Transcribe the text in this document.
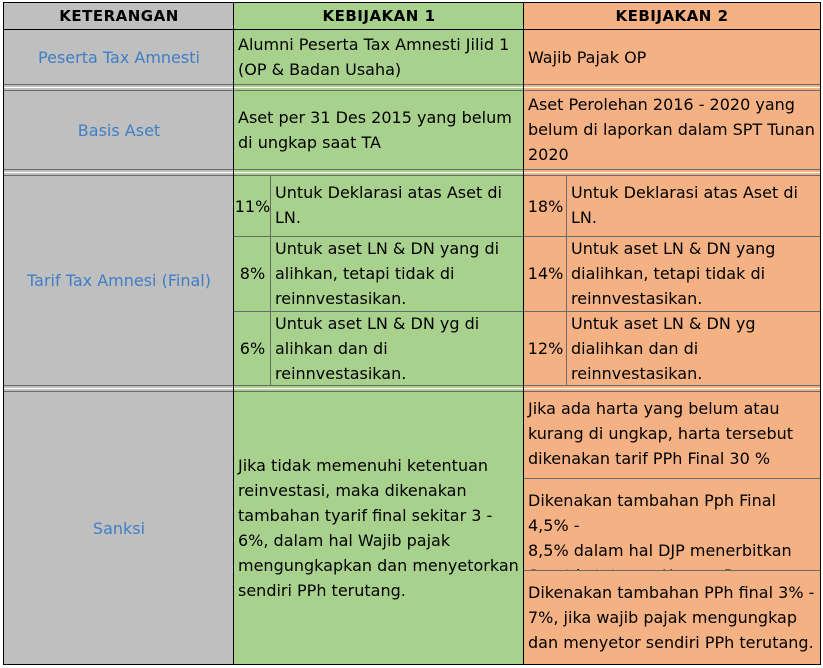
KETERANGAN	KEBIJAKAN 1	KEBIJAKAN 2
Peserta Tax Amnesti
Alumni Peserta Tax Amnesti Jilid 1
(OP & Badan Usaha)
Wajib Pajak OP
Basis Aset
Aset per 31 Des 2015 yang belum
di ungkap saat TA
Aset Perolehan 2016 - 2020 yang
belum di laporkan dalam SPT Tunan
2020
Tarif Tax Amnesi (Final)
11%
Untuk Deklarasi atas Aset di
LN.
8%
Untuk aset LN & DN yang di
alihkan, tetapi tidak di
reinnvestasikan.
6%
Untuk aset LN & DN yg di
alihkan dan di reinnvestasikan.
18%
Untuk Deklarasi atas Aset di
LN.
14%
Untuk aset LN & DN yang
dialihkan, tetapi tidak di
reinnvestasikan.
12%
Untuk aset LN & DN yg
dialihkan dan di
reinnvestasikan.
Sanksi
Jika tidak memenuhi ketentuan
reinvestasi, maka dikenakan
tambahan tyarif final sekitar 3 -
6%, dalam hal Wajib pajak
mengungkapkan dan menyetorkan
sendiri PPh terutang.
Jika ada harta yang belum atau
kurang di ungkap, harta tersebut
dikenakan tarif PPh Final 30 %
Dikenakan tambahan Pph Final 4,5% -
8,5% dalam hal DJP menerbitkan

Dikenakan tambahan PPh final 3% -
7%, jika wajib pajak mengungkap
dan menyetor sendiri PPh terutang.
